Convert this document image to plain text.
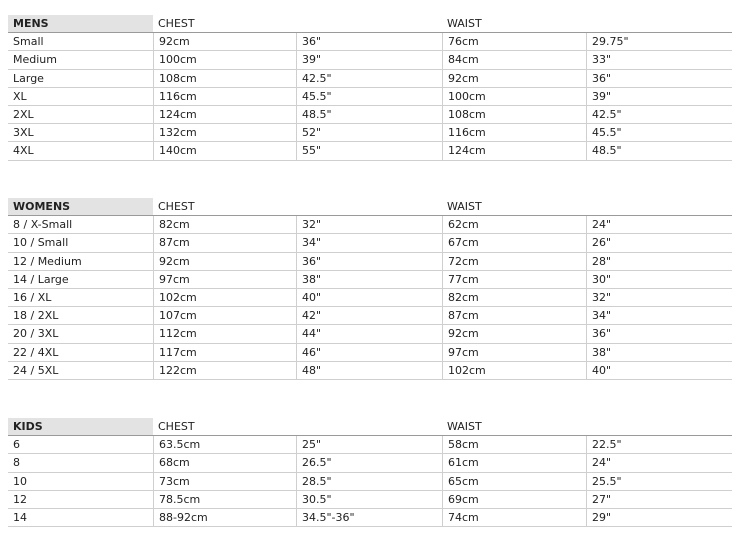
MENS	CHEST	WAIST
Small	92cm	36"	76cm	29.75"
Medium	100cm	39"	84cm	33"
Large	108cm	42.5"	92cm	36"
XL	116cm	45.5"	100cm	39"
2XL	124cm	48.5"	108cm	42.5"
3XL	132cm	52"	116cm	45.5"
4XL	140cm	55"	124cm	48.5"
WOMENS	CHEST	WAIST
8 / X-Small	82cm	32"	62cm	24"
10 / Small	87cm	34"	67cm	26"
12 / Medium	92cm	36"	72cm	28"
14 / Large	97cm	38"	77cm	30"
16 / XL	102cm	40"	82cm	32"
18 / 2XL	107cm	42"	87cm	34"
20 / 3XL	112cm	44"	92cm	36"
22 / 4XL	117cm	46"	97cm	38"
24 / 5XL	122cm	48"	102cm	40"
KIDS	CHEST	WAIST
6	63.5cm	25"	58cm	22.5"
8	68cm	26.5"	61cm	24"
10	73cm	28.5"	65cm	25.5"
12	78.5cm	30.5"	69cm	27"
14	88-92cm	34.5"-36"	74cm	29"
